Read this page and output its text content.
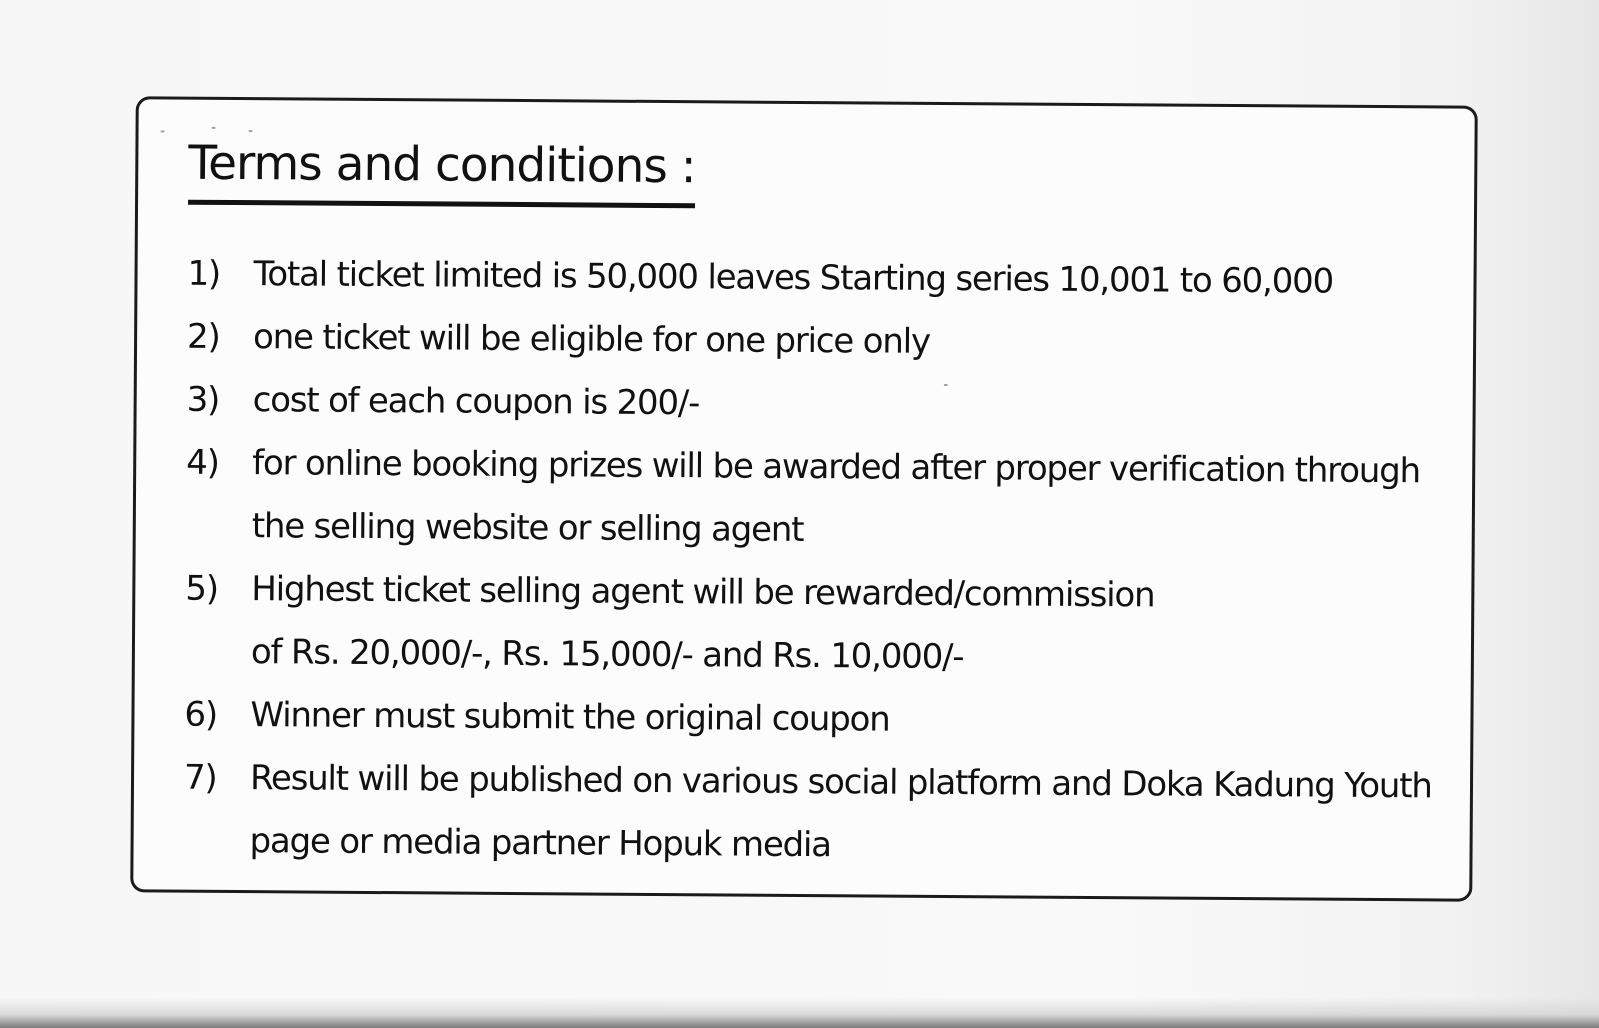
Terms and conditions :
1) Total ticket limited is 50,000 leaves Starting series 10,001 to 60,000
2) one ticket will be eligible for one price only
3) cost of each coupon is 200/-
4) for online booking prizes will be awarded after proper verification through
the selling website or selling agent
5) Highest ticket selling agent will be rewarded/commission
of Rs. 20,000/-, Rs. 15,000/- and Rs. 10,000/-
6) Winner must submit the original coupon
7) Result will be published on various social platform and Doka Kadung Youth
page or media partner Hopuk media
